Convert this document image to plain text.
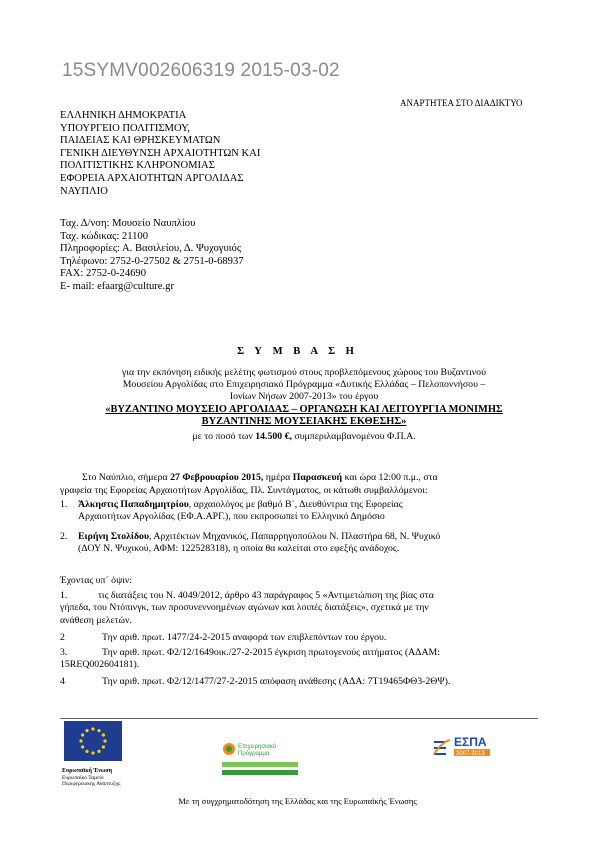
15SYMV002606319 2015-03-02
ΑΝΑΡΤΗΤΕΑ ΣΤΟ ΔΙΑΔΙΚΤΥΟ
ΕΛΛΗΝΙΚΗ ΔΗΜΟΚΡΑΤΙΑ
ΥΠΟΥΡΓΕΙΟ ΠΟΛΙΤΙΣΜΟΥ,
ΠΑΙΔΕΙΑΣ ΚΑΙ ΘΡΗΣΚΕΥΜΑΤΩΝ
ΓΕΝΙΚΗ ΔΙΕΥΘΥΝΣΗ ΑΡΧΑΙΟΤΗΤΩΝ ΚΑΙ
ΠΟΛΙΤΙΣΤΙΚΗΣ ΚΛΗΡΟΝΟΜΙΑΣ
ΕΦΟΡΕΙΑ ΑΡΧΑΙΟΤΗΤΩΝ ΑΡΓΟΛΙΔΑΣ
ΝΑΥΠΛΙΟ
Ταχ. Δ/νση: Μουσείο Ναυπλίου
Ταχ. κώδικας: 21100
Πληροφορίες: Α. Βασιλείου, Δ. Ψυχογυιός
Τηλέφωνο: 2752-0-27502 & 2751-0-68937
FAX: 2752-0-24690
E- mail: efaarg@culture.gr
Σ Υ Μ Β Α Σ Η
για την εκπόνηση ειδικής μελέτης φωτισμού στους προβλεπόμενους χώρους του Βυζαντινού
Μουσείου Αργολίδας στο Επιχειρησιακό Πρόγραμμα «Δυτικής Ελλάδας – Πελοποννήσου –
Ιονίων Νήσων 2007-2013» του έργου
«ΒΥΖΑΝΤΙΝΟ ΜΟΥΣΕΙΟ ΑΡΓΟΛΙΔΑΣ – ΟΡΓΑΝΩΣΗ ΚΑΙ ΛΕΙΤΟΥΡΓΙΑ ΜΟΝΙΜΗΣ
ΒΥΖΑΝΤΙΝΗΣ ΜΟΥΣΕΙΑΚΗΣ ΕΚΘΕΣΗΣ»
με το ποσό των 14.500 €, συμπεριλαμβανομένου Φ.Π.Α.
Στο Ναύπλιο, σήμερα 27 Φεβρουαρίου 2015, ημέρα Παρασκευή και ώρα 12:00 π.μ., στα
γραφεία της Εφορείας Αρχαιοτήτων Αργολίδας, Πλ. Συντάγματος, οι κάτωθι συμβαλλόμενοι:
1. Άλκηστις Παπαδημητρίου, αρχαιολόγος με βαθμό Β΄, Διευθύντρια της Εφορείας
Αρχαιοτήτων Αργολίδας (ΕΦ.Α.ΑΡΓ.), που εκπροσωπεί το Ελληνικό Δημόσιο
2. Ειρήνη Στολίδου, Αρχιτέκτων Μηχανικός, Παπαρρηγοπούλου Ν. Πλαστήρα 68, Ν. Ψυχικό
(ΔΟΥ Ν. Ψυχικού, ΑΦΜ: 122528318), η οποία θα καλείται στο εφεξής ανάδοχος.
Έχοντας υπ΄ όψιν:
1.	τις διατάξεις του Ν. 4049/2012, άρθρο 43 παράγραφος 5 «Αντιμετώπιση της βίας στα
γήπεδα, του Ντόπινγκ, των προσυνεννοημένων αγώνων και λοιπές διατάξεις», σχετικά με την
ανάθεση μελετών.
2	Την αριθ. πρωτ. 1477/24-2-2015 αναφορά των επιβλεπόντων του έργου.
3.	Την αριθ. πρωτ. Φ2/12/1649οικ./27-2-2015 έγκριση πρωτογενούς αιτήματος (ΑΔΑΜ:
15REQ002604181).
4	Την αριθ. πρωτ. Φ2/12/1477/27-2-2015 απόφαση ανάθεσης (ΑΔΑ: 7Τ19465ΦΘ3-2ΘΨ).
Ευρωπαϊκή Ένωση
Ευρωπαϊκό Ταμείο
Περιφερειακής Ανάπτυξης
Επιχειρησιακό
Πρόγραμμα
ΕΣΠΑ
2007-2013
Με τη συγχρηματοδότηση της Ελλάδας και της Ευρωπαϊκής Ένωσης
